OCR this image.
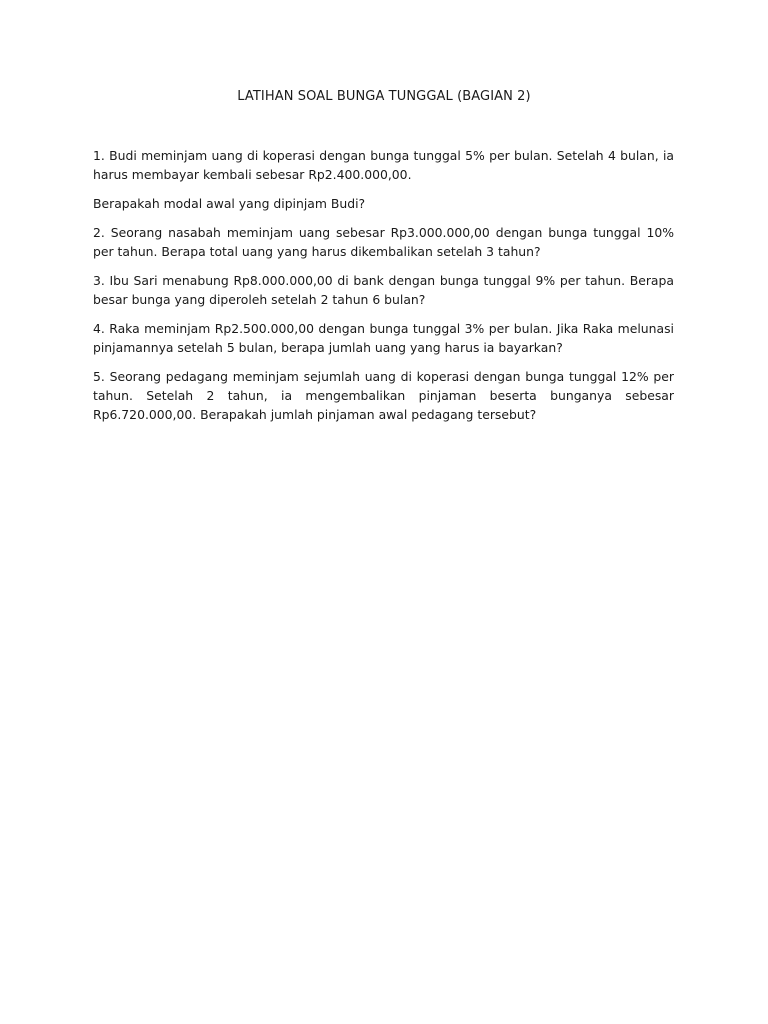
LATIHAN SOAL BUNGA TUNGGAL (BAGIAN 2)

1. Budi meminjam uang di koperasi dengan bunga tunggal 5% per bulan. Setelah 4 bulan, ia harus membayar kembali sebesar Rp2.400.000,00.

Berapakah modal awal yang dipinjam Budi?

2. Seorang nasabah meminjam uang sebesar Rp3.000.000,00 dengan bunga tunggal 10% per tahun. Berapa total uang yang harus dikembalikan setelah 3 tahun?

3. Ibu Sari menabung Rp8.000.000,00 di bank dengan bunga tunggal 9% per tahun. Berapa besar bunga yang diperoleh setelah 2 tahun 6 bulan?

4. Raka meminjam Rp2.500.000,00 dengan bunga tunggal 3% per bulan. Jika Raka melunasi pinjamannya setelah 5 bulan, berapa jumlah uang yang harus ia bayarkan?

5. Seorang pedagang meminjam sejumlah uang di koperasi dengan bunga tunggal 12% per tahun. Setelah 2 tahun, ia mengembalikan pinjaman beserta bunganya sebesar Rp6.720.000,00. Berapakah jumlah pinjaman awal pedagang tersebut?
